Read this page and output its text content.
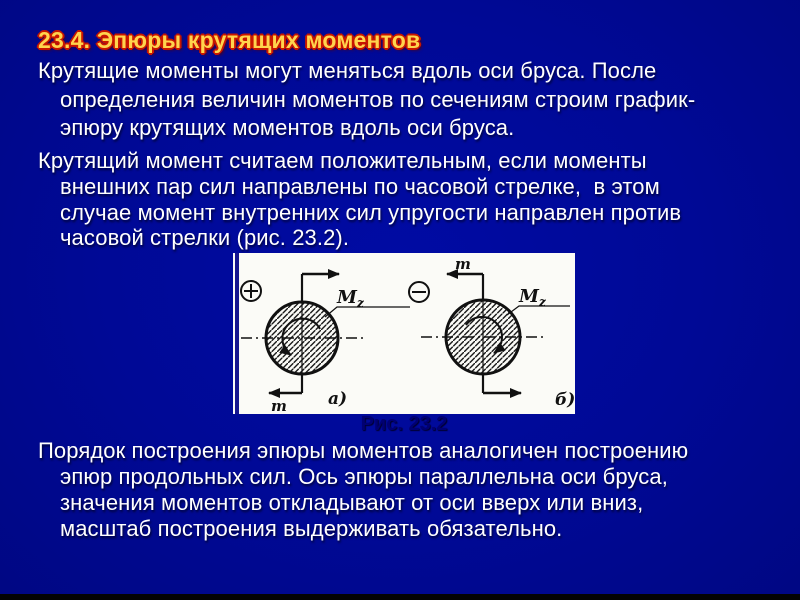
23.4. Эпюры крутящих моментов
Крутящие моменты могут меняться вдоль оси бруса. После
определения величин моментов по сечениям строим график-
эпюру крутящих моментов вдоль оси бруса.
Крутящий момент считаем положительным, если моменты
внешних пар сил направлены по часовой стрелке,  в этом
случае момент внутренних сил упругости направлен против
часовой стрелки (рис. 23.2).
$M_z$
m а)
m
$M_z$
б)
Рис. 23.2
Порядок построения эпюры моментов аналогичен построению
эпюр продольных сил. Ось эпюры параллельна оси бруса,
значения моментов откладывают от оси вверх или вниз,
масштаб построения выдерживать обязательно.
